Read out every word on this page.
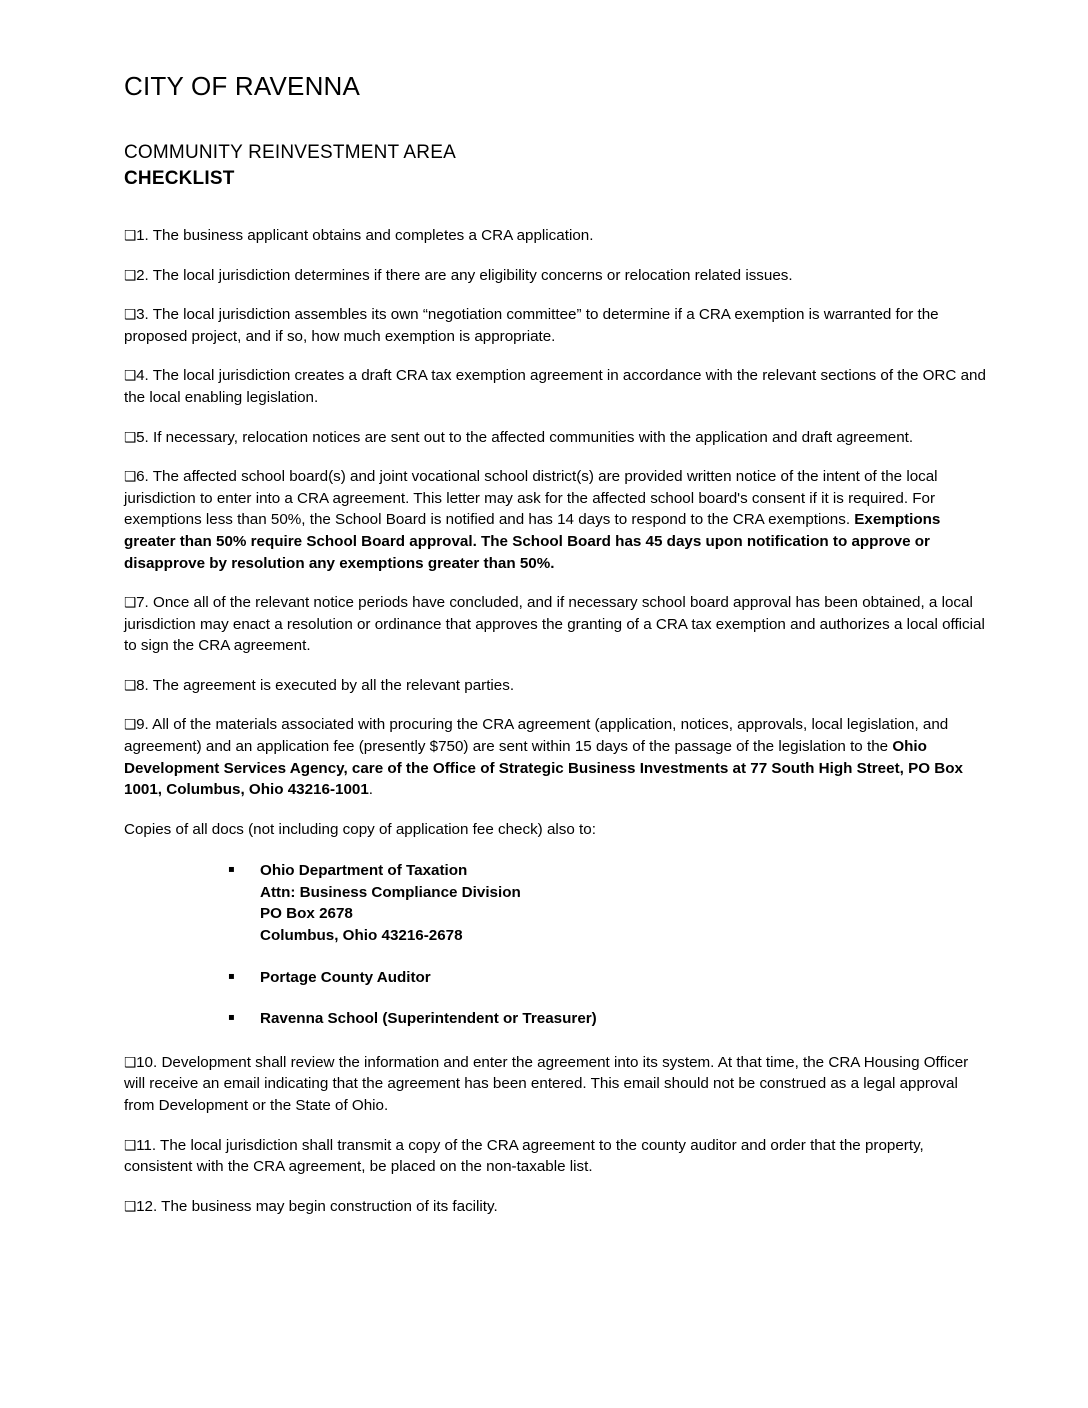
CITY OF RAVENNA
COMMUNITY REINVESTMENT AREA
CHECKLIST

❑1. The business applicant obtains and completes a CRA application.

❑2. The local jurisdiction determines if there are any eligibility concerns or relocation related issues.

❑3. The local jurisdiction assembles its own “negotiation committee” to determine if a CRA exemption is warranted for the proposed project, and if so, how much exemption is appropriate.

❑4. The local jurisdiction creates a draft CRA tax exemption agreement in accordance with the relevant sections of the ORC and the local enabling legislation.

❑5. If necessary, relocation notices are sent out to the affected communities with the application and draft agreement.

❑6. The affected school board(s) and joint vocational school district(s) are provided written notice of the intent of the local jurisdiction to enter into a CRA agreement. This letter may ask for the affected school board's consent if it is required. For exemptions less than 50%, the School Board is notified and has 14 days to respond to the CRA exemptions. Exemptions greater than 50% require School Board approval. The School Board has 45 days upon notification to approve or disapprove by resolution any exemptions greater than 50%.

❑7. Once all of the relevant notice periods have concluded, and if necessary school board approval has been obtained, a local jurisdiction may enact a resolution or ordinance that approves the granting of a CRA tax exemption and authorizes a local official to sign the CRA agreement.

❑8. The agreement is executed by all the relevant parties.

❑9. All of the materials associated with procuring the CRA agreement (application, notices, approvals, local legislation, and agreement) and an application fee (presently $750) are sent within 15 days of the passage of the legislation to the Ohio Development Services Agency, care of the Office of Strategic Business Investments at 77 South High Street, PO Box 1001, Columbus, Ohio 43216-1001.

Copies of all docs (not including copy of application fee check) also to:

▪ Ohio Department of Taxation
Attn: Business Compliance Division
PO Box 2678
Columbus, Ohio 43216-2678
▪ Portage County Auditor
▪ Ravenna School (Superintendent or Treasurer)

❑10. Development shall review the information and enter the agreement into its system. At that time, the CRA Housing Officer will receive an email indicating that the agreement has been entered. This email should not be construed as a legal approval from Development or the State of Ohio.

❑11. The local jurisdiction shall transmit a copy of the CRA agreement to the county auditor and order that the property, consistent with the CRA agreement, be placed on the non-taxable list.

❑12. The business may begin construction of its facility.
